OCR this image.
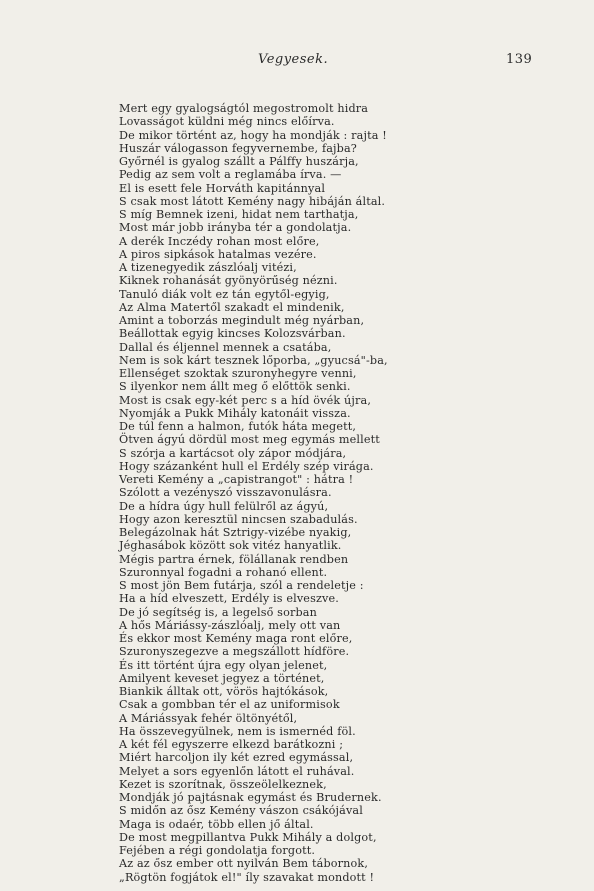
Vegyesek.	139
Mert egy gyalogságtól megostromolt hidra
Lovasságot küldni még nincs előírva.
De mikor történt az, hogy ha mondják : rajta !
Huszár válogasson fegyvernembe, fajba?
Győrnél is gyalog szállt a Pálffy huszárja,
Pedig az sem volt a reglamába írva. —
El is esett fele Horváth kapitánnyal
S csak most látott Kemény nagy hibáján által.
S míg Bemnek izeni, hidat nem tarthatja,
Most már jobb irányba tér a gondolatja.
A derék Inczédy rohan most előre,
A piros sipkások hatalmas vezére.
A tizenegyedik zászlóalj vitézi,
Kiknek rohanását gyönyörűség nézni.
Tanuló diák volt ez tán egytől-egyig,
Az Alma Matertől szakadt el mindenik,
Amint a toborzás megindult még nyárban,
Beállottak egyig kincses Kolozsvárban.
Dallal és éljennel mennek a csatába,
Nem is sok kárt tesznek lőporba, „gyucsá"-ba,
Ellenséget szoktak szuronyhegyre venni,
S ilyenkor nem állt meg ő előttök senki.
Most is csak egy-két perc s a híd övék újra,
Nyomják a Pukk Mihály katonáit vissza.
De túl fenn a halmon, futók háta megett,
Ötven ágyú dördül most meg egymás mellett
S szórja a kartácsot oly zápor módjára,
Hogy százanként hull el Erdély szép virága.
Vereti Kemény a „capistrangot" : hátra !
Szólott a vezényszó visszavonulásra.
De a hídra úgy hull felülről az ágyú,
Hogy azon keresztül nincsen szabadulás.
Belegázolnak hát Sztrigy-vizébe nyakig,
Jéghasábok között sok vitéz hanyatlik.
Mégis partra érnek, fölállanak rendben
Szuronnyal fogadni a rohanó ellent.
S most jön Bem futárja, szól a rendeletje :
Ha a híd elveszett, Erdély is elveszve.
De jó segítség is, a legelső sorban
A hős Máriássy-zászlóalj, mely ott van
És ekkor most Kemény maga ront előre,
Szuronyszegezve a megszállott hídföre.
És itt történt újra egy olyan jelenet,
Amilyent keveset jegyez a történet,
Biankik álltak ott, vörös hajtókások,
Csak a gombban tér el az uniformisok
A Máriássyak fehér öltönyétől,
Ha összevegyülnek, nem is ismernéd föl.
A két fél egyszerre elkezd barátkozni ;
Miért harcoljon ily két ezred egymással,
Melyet a sors egyenlőn látott el ruhával.
Kezet is szorítnak, összeölelkeznek,
Mondják jó pajtásnak egymást és Brudernek.
S midőn az ősz Kemény vászon csákójával
Maga is odaér, több ellen jő által.
De most megpillantva Pukk Mihály a dolgot,
Fejében a régi gondolatja forgott.
Az az ősz ember ott nyilván Bem tábornok,
„Rögtön fogjátok el!" íly szavakat mondott !
